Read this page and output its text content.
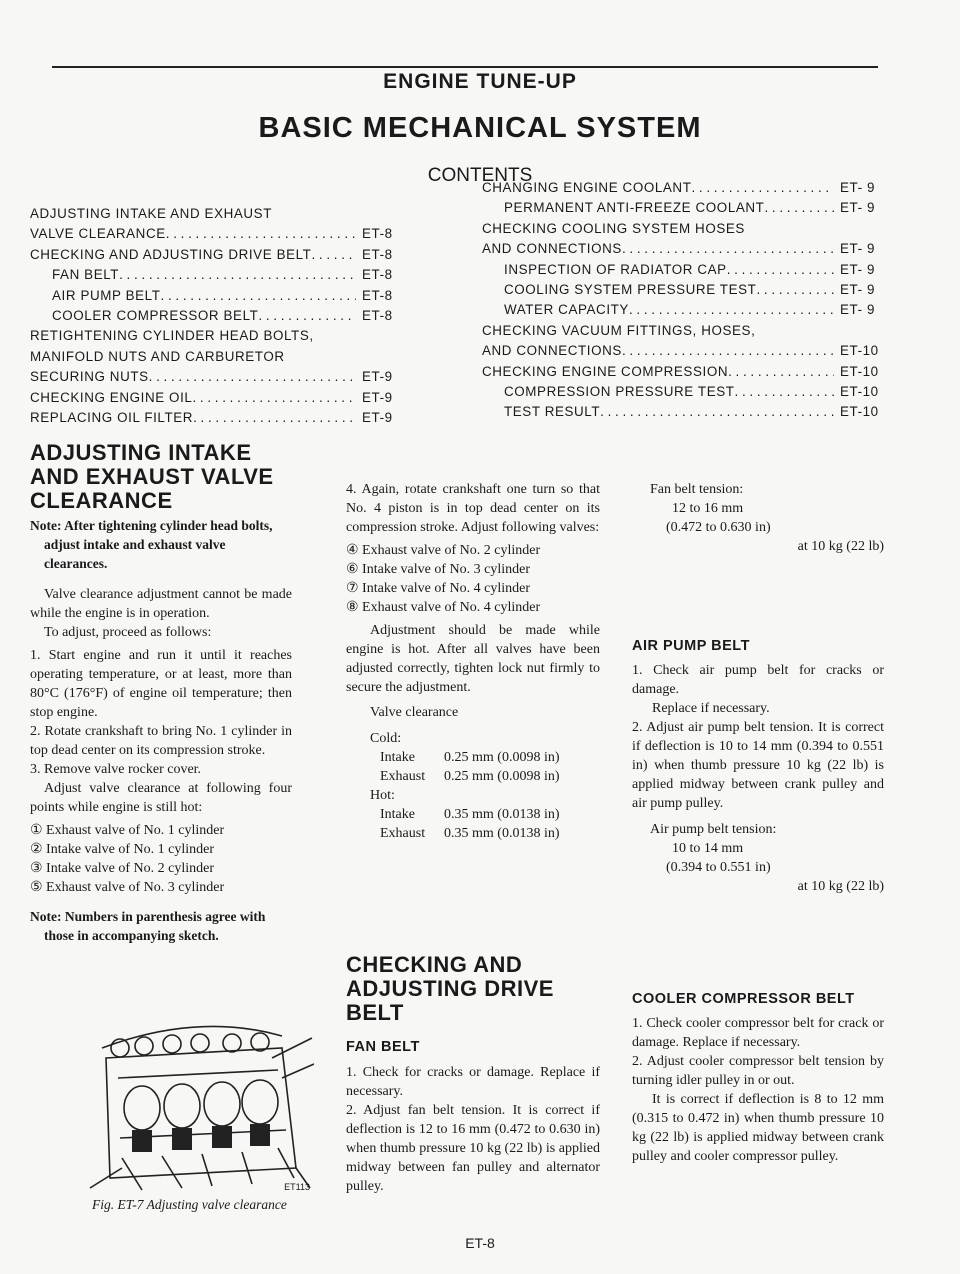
ENGINE TUNE-UP
BASIC MECHANICAL SYSTEM
CONTENTS
ADJUSTING INTAKE AND EXHAUST
VALVE CLEARANCE . . .	ET-8
CHECKING AND ADJUSTING DRIVE BELT . . .	ET-8
FAN BELT . . .	ET-8
AIR PUMP BELT . . .	ET-8
COOLER COMPRESSOR BELT . . .	ET-8
RETIGHTENING CYLINDER HEAD BOLTS,
MANIFOLD NUTS AND CARBURETOR
SECURING NUTS . . .	ET-9
CHECKING ENGINE OIL . . .	ET-9
REPLACING OIL FILTER . . .	ET-9
CHANGING ENGINE COOLANT . . .	ET- 9
PERMANENT ANTI-FREEZE COOLANT . . .	ET- 9
CHECKING COOLING SYSTEM HOSES
AND CONNECTIONS . . .	ET- 9
INSPECTION OF RADIATOR CAP . . .	ET- 9
COOLING SYSTEM PRESSURE TEST . . .	ET- 9
WATER CAPACITY . . .	ET- 9
CHECKING VACUUM FITTINGS, HOSES,
AND CONNECTIONS . . .	ET-10
CHECKING ENGINE COMPRESSION . . .	ET-10
COMPRESSION PRESSURE TEST . . .	ET-10
TEST RESULT . . .	ET-10
ADJUSTING INTAKE AND EXHAUST VALVE CLEARANCE
Note: After tightening cylinder head bolts, adjust intake and exhaust valve clearances.

Valve clearance adjustment cannot be made while the engine is in operation.

To adjust, proceed as follows:

1. Start engine and run it until it reaches operating temperature, or at least, more than 80°C (176°F) of engine oil temperature; then stop engine.

2. Rotate crankshaft to bring No. 1 cylinder in top dead center on its compression stroke.

3. Remove valve rocker cover.

Adjust valve clearance at following four points while engine is still hot:

① Exhaust valve of No. 1 cylinder

② Intake valve of No. 1 cylinder

③ Intake valve of No. 2 cylinder

⑤ Exhaust valve of No. 3 cylinder

Note: Numbers in parenthesis agree with those in accompanying sketch.
ET113
Fig. ET-7 Adjusting valve clearance

4. Again, rotate crankshaft one turn so that No. 4 piston is in top dead center on its compression stroke. Adjust following valves:

④ Exhaust valve of No. 2 cylinder

⑥ Intake valve of No. 3 cylinder

⑦ Intake valve of No. 4 cylinder

⑧ Exhaust valve of No. 4 cylinder

Adjustment should be made while engine is hot. After all valves have been adjusted correctly, tighten lock nut firmly to secure the adjustment.

Valve clearance

Cold:	
Intake	0.25 mm (0.0098 in)
Exhaust	0.25 mm (0.0098 in)
Hot:	
Intake	0.35 mm (0.0138 in)
Exhaust	0.35 mm (0.0138 in)
CHECKING AND ADJUSTING DRIVE BELT
FAN BELT

1. Check for cracks or damage. Replace if necessary.

2. Adjust fan belt tension. It is correct if deflection is 12 to 16 mm (0.472 to 0.630 in) when thumb pressure 10 kg (22 lb) is applied midway between fan pulley and alternator pulley.

Fan belt tension:
12 to 16 mm
(0.472 to 0.630 in)
at 10 kg (22 lb)
AIR PUMP BELT

1. Check air pump belt for cracks or damage.

Replace if necessary.

2. Adjust air pump belt tension. It is correct if deflection is 10 to 14 mm (0.394 to 0.551 in) when thumb pressure 10 kg (22 lb) is applied midway between crank pulley and air pump pulley.

Air pump belt tension:
10 to 14 mm
(0.394 to 0.551 in)
at 10 kg (22 lb)
COOLER COMPRESSOR BELT

1. Check cooler compressor belt for crack or damage. Replace if necessary.

2. Adjust cooler compressor belt tension by turning idler pulley in or out.

It is correct if deflection is 8 to 12 mm (0.315 to 0.472 in) when thumb pressure 10 kg (22 lb) is applied midway between crank pulley and cooler compressor pulley.

ET-8
